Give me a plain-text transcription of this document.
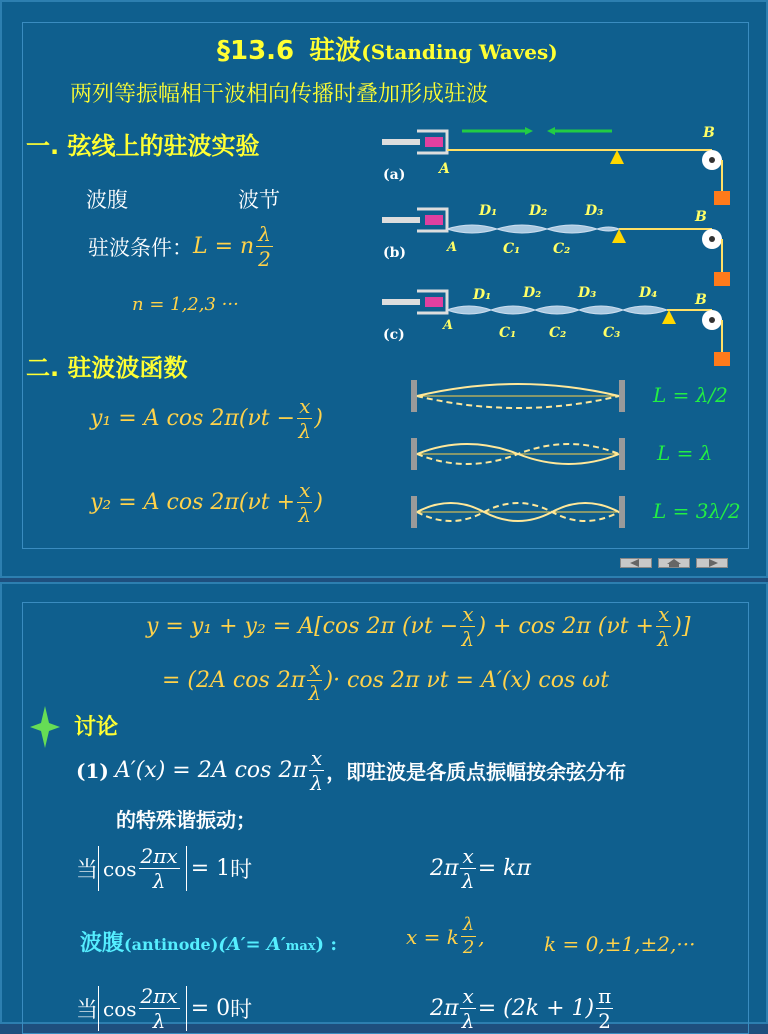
§13.6 驻波(Standing Waves)
两列等振幅相干波相向传播时叠加形成驻波
一. 弦线上的驻波实验
波腹	波节
驻波条件： L = n $\frac{\lambda}{2}$
n = 1,2,3 ···
二. 驻波波函数
y₁ = A $\cos 2\pi(\nu t - \frac{x}{\lambda}$ )
y₂ = A $\cos 2\pi(\nu t + \frac{x}{\lambda}$ )
(a) A
B
(b)	A
B
D₁ D₂	D₃
C₁ C₂
(c)
A
B
D₁ D₂	D₃	D₄
C₁ C₂	C₃
L = λ/2
L = λ
L = 3λ/2
y = y₁ + y₂ = A[cos 2π ($\nu t - \frac{x}{\lambda}$ ) + cos 2π ($\nu t + \frac{x}{\lambda}$ )]
= (2A $\cos 2\pi \frac{x}{\lambda}$ )· cos 2π νt = A′(x) cos ωt
讨论
(1) A′(x) = 2A $\cos 2\pi \frac{x}{\lambda}$ ，即驻波是各质点振幅按余弦分布
的特殊谐振动；
当 $\cos \frac{2\pi x}{\lambda} = 1$ 时	$2\pi \frac{x}{\lambda} = k\pi$
波腹 (antinode) (A′= A′ max ) :	x = k $\frac{\lambda}{2}$ ,	k = 0,±1,±2,···
当 $\cos \frac{2\pi x}{\lambda} = 0$ 时	$2\pi \frac{x}{\lambda} = (2k + 1) \frac{\pi}{2}$
